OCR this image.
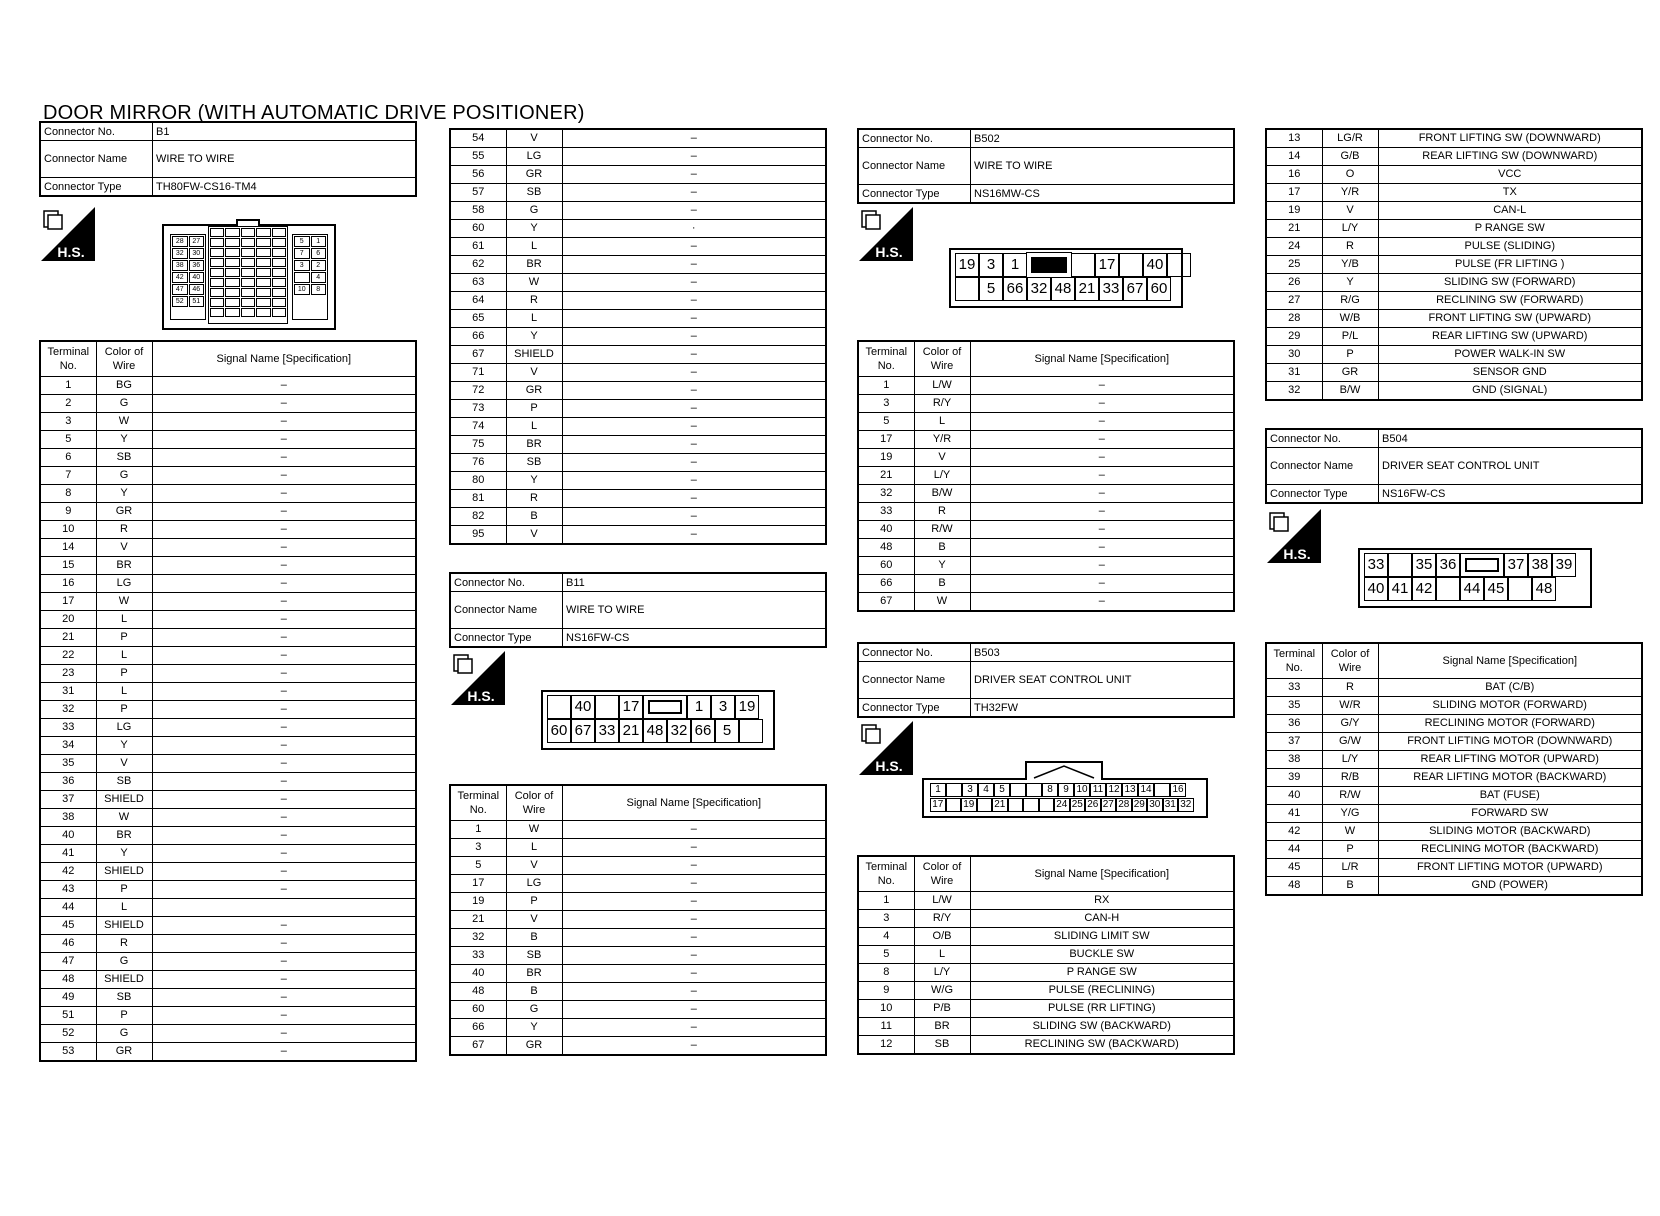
DOOR MIRROR (WITH AUTOMATIC DRIVE POSITIONER)
Connector No.	B1
Connector Name	WIRE TO WIRE
Connector Type	TH80FW-CS16-TM4
H.S.
28	27
32	30
38	36
42	40
47	46
52	51
5	1
7	6
3	2
4
10	8
Terminal No.	Color of Wire	Signal Name [Specification]
1	BG	–
2	G	–
3	W	–
5	Y	–
6	SB	–
7	G	–
8	Y	–
9	GR	–
10	R	–
14	V	–
15	BR	–
16	LG	–
17	W	–
20	L	–
21	P	–
22	L	–
23	P	–
31	L	–
32	P	–
33	LG	–
34	Y	–
35	V	–
36	SB	–
37	SHIELD	–
38	W	–
40	BR	–
41	Y	–
42	SHIELD	–
43	P	–
44	L	
45	SHIELD	–
46	R	–
47	G	–
48	SHIELD	–
49	SB	–
51	P	–
52	G	–
53	GR	–
54	V	–
55	LG	–
56	GR	–
57	SB	–
58	G	–
60	Y	·
61	L	–
62	BR	–
63	W	–
64	R	–
65	L	–
66	Y	–
67	SHIELD	–
71	V	–
72	GR	–
73	P	–
74	L	–
75	BR	–
76	SB	–
80	Y	–
81	R	–
82	B	–
95	V	–
Connector No.	B11
Connector Name	WIRE TO WIRE
Connector Type	NS16FW-CS
H.S.
40 17	1	3 19
60 67 33 21 48 32 66 5
Terminal No.	Color of Wire	Signal Name [Specification]
1	W	–
3	L	–
5	V	–
17	LG	–
19	P	–
21	V	–
32	B	–
33	SB	–
40	BR	–
48	B	–
60	G	–
66	Y	–
67	GR	–
Connector No.	B502
Connector Name	WIRE TO WIRE
Connector Type	NS16MW-CS
H.S.
19 3	1	17 40
5 66 32 48 21 33 67 60
Terminal No.	Color of Wire	Signal Name [Specification]
1	L/W	–
3	R/Y	–
5	L	–
17	Y/R	–
19	V	–
21	L/Y	–
32	B/W	–
33	R	–
40	R/W	–
48	B	–
60	Y	–
66	B	–
67	W	–
Connector No.	B503
Connector Name	DRIVER SEAT CONTROL UNIT
Connector Type	TH32FW
H.S.
1	3	4	5	8	9 10 11 12 13 14 16
17 19 21	24 25 26 27 28 29 30 31 32
Terminal No.	Color of Wire	Signal Name [Specification]
1	L/W	RX
3	R/Y	CAN-H
4	O/B	SLIDING LIMIT SW
5	L	BUCKLE SW
8	L/Y	P RANGE SW
9	W/G	PULSE (RECLINING)
10	P/B	PULSE (RR LIFTING)
11	BR	SLIDING SW (BACKWARD)
12	SB	RECLINING SW (BACKWARD)
13	LG/R	FRONT LIFTING SW (DOWNWARD)
14	G/B	REAR LIFTING SW (DOWNWARD)
16	O	VCC
17	Y/R	TX
19	V	CAN-L
21	L/Y	P RANGE SW
24	R	PULSE (SLIDING)
25	Y/B	PULSE (FR LIFTING )
26	Y	SLIDING SW (FORWARD)
27	R/G	RECLINING SW (FORWARD)
28	W/B	FRONT LIFTING SW (UPWARD)
29	P/L	REAR LIFTING SW (UPWARD)
30	P	POWER WALK-IN SW
31	GR	SENSOR GND
32	B/W	GND (SIGNAL)
Connector No.	B504
Connector Name	DRIVER SEAT CONTROL UNIT
Connector Type	NS16FW-CS
H.S.
33 35 36	37 38 39
40 41 42 44 45 48
Terminal No.	Color of Wire	Signal Name [Specification]
33	R	BAT (C/B)
35	W/R	SLIDING MOTOR (FORWARD)
36	G/Y	RECLINING MOTOR (FORWARD)
37	G/W	FRONT LIFTING MOTOR (DOWNWARD)
38	L/Y	REAR LIFTING MOTOR (UPWARD)
39	R/B	REAR LIFTING MOTOR (BACKWARD)
40	R/W	BAT (FUSE)
41	Y/G	FORWARD SW
42	W	SLIDING MOTOR (BACKWARD)
44	P	RECLINING MOTOR (BACKWARD)
45	L/R	FRONT LIFTING MOTOR (UPWARD)
48	B	GND (POWER)
